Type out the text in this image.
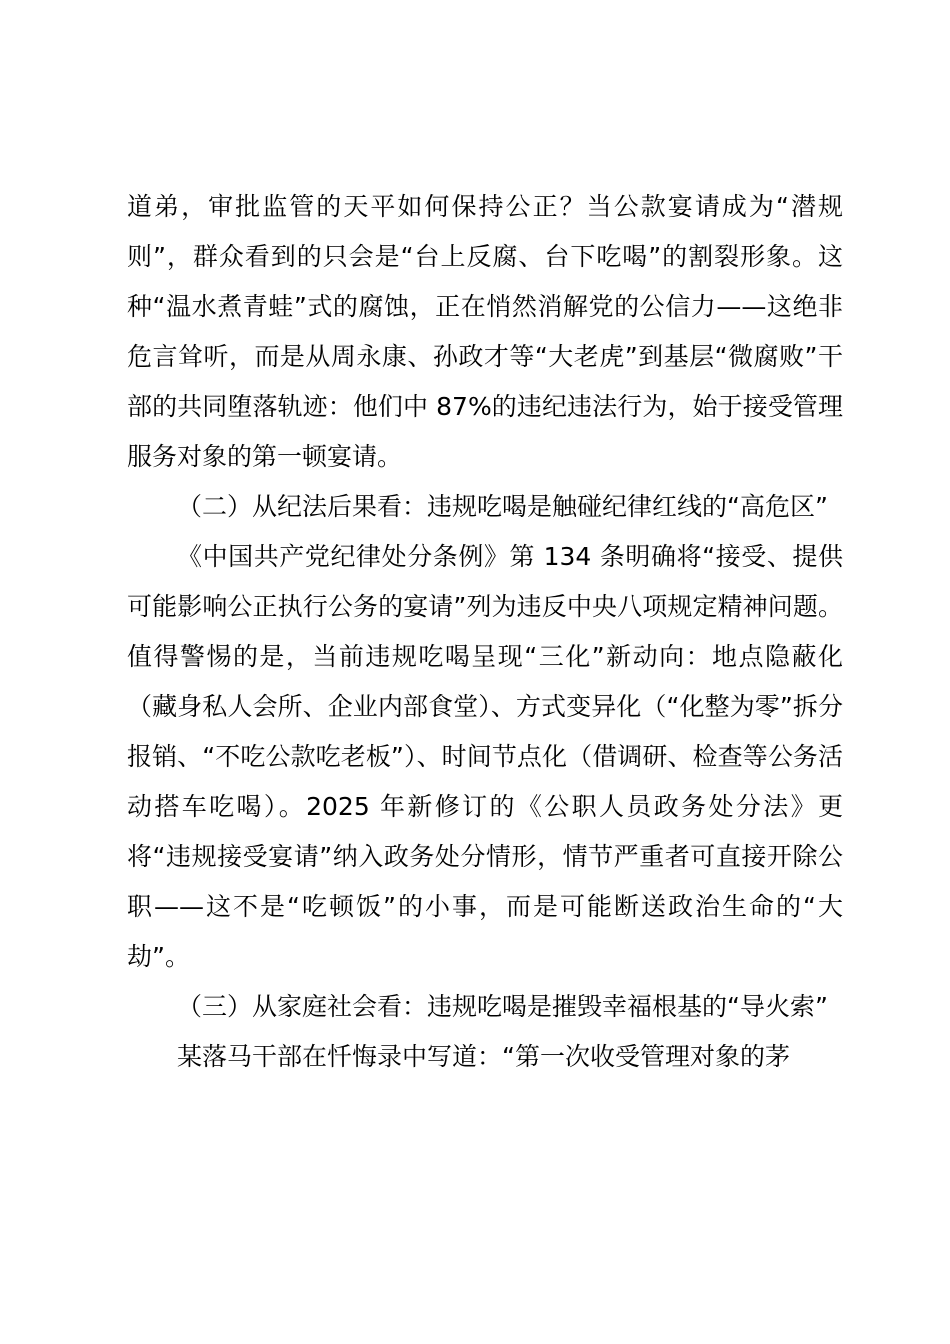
道弟，审批监管的天平如何保持公正？当公款宴请成为“潜规则”，群众看到的只会是“台上反腐、台下吃喝”的割裂形象。这种“温水煮青蛙”式的腐蚀，正在悄然消解党的公信力——这绝非危言耸听，而是从周永康、孙政才等“大老虎”到基层“微腐败”干部的共同堕落轨迹：他们中 87%的违纪违法行为，始于接受管理服务对象的第一顿宴请。

（二）从纪法后果看：违规吃喝是触碰纪律红线的“高危区”

《中国共产党纪律处分条例》第 134 条明确将“接受、提供可能影响公正执行公务的宴请”列为违反中央八项规定精神问题。值得警惕的是，当前违规吃喝呈现“三化”新动向：地点隐蔽化（藏身私人会所、企业内部食堂）、方式变异化（“化整为零”拆分报销、“不吃公款吃老板”）、时间节点化（借调研、检查等公务活动搭车吃喝）。2025 年新修订的《公职人员政务处分法》更将“违规接受宴请”纳入政务处分情形，情节严重者可直接开除公职——这不是“吃顿饭”的小事，而是可能断送政治生命的“大劫”。

（三）从家庭社会看：违规吃喝是摧毁幸福根基的“导火索”

某落马干部在忏悔录中写道：“第一次收受管理对象的茅
